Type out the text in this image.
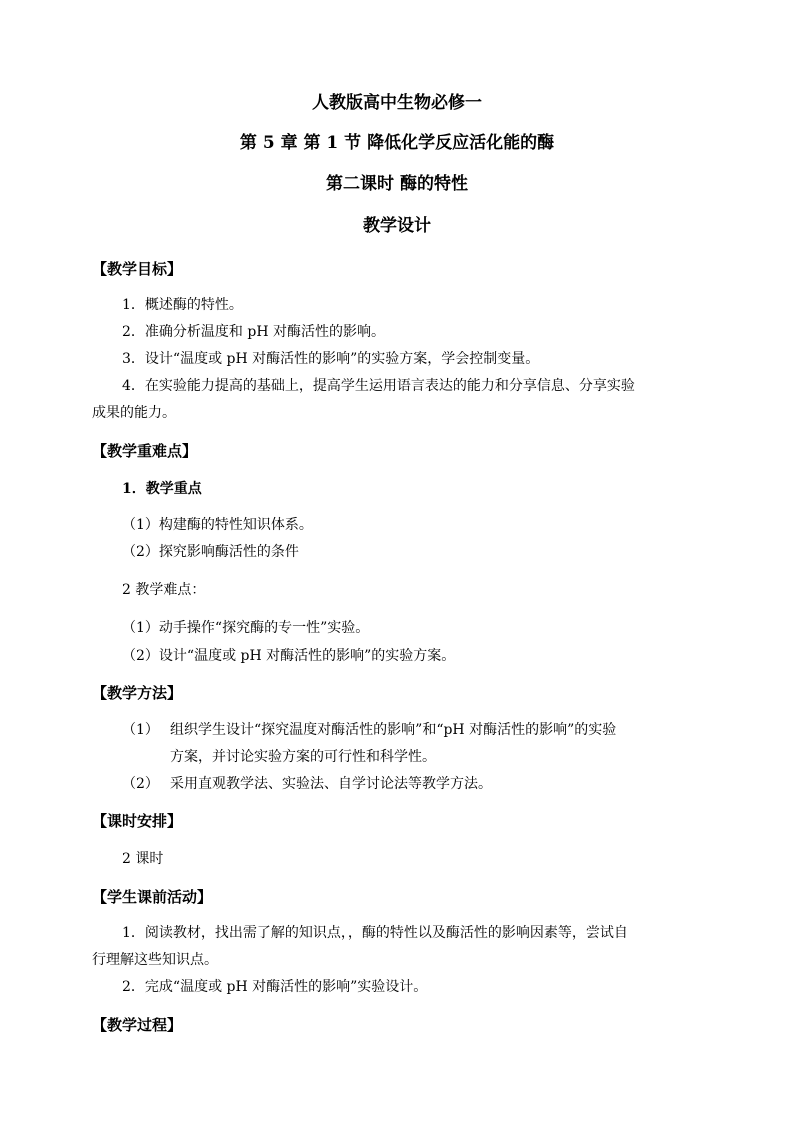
人教版高中生物必修一
第 5 章 第 1 节 降低化学反应活化能的酶
第二课时 酶的特性
教学设计
【教学目标】
1．概述酶的特性。
2．准确分析温度和 pH 对酶活性的影响。
3．设计“温度或 pH 对酶活性的影响”的实验方案，学会控制变量。
4．在实验能力提高的基础上，提高学生运用语言表达的能力和分享信息、分享实验
成果的能力。
【教学重难点】
1．教学重点
（1）构建酶的特性知识体系。
（2）探究影响酶活性的条件
2 教学难点：
（1）动手操作“探究酶的专一性”实验。
（2）设计“温度或 pH 对酶活性的影响”的实验方案。
【教学方法】
（1） 组织学生设计“探究温度对酶活性的影响”和“pH 对酶活性的影响”的实验
方案，并讨论实验方案的可行性和科学性。
（2） 采用直观教学法、实验法、自学讨论法等教学方法。
【课时安排】
2 课时
【学生课前活动】
1．阅读教材，找出需了解的知识点，，酶的特性以及酶活性的影响因素等，尝试自
行理解这些知识点。
2．完成“温度或 pH 对酶活性的影响”实验设计。
【教学过程】
